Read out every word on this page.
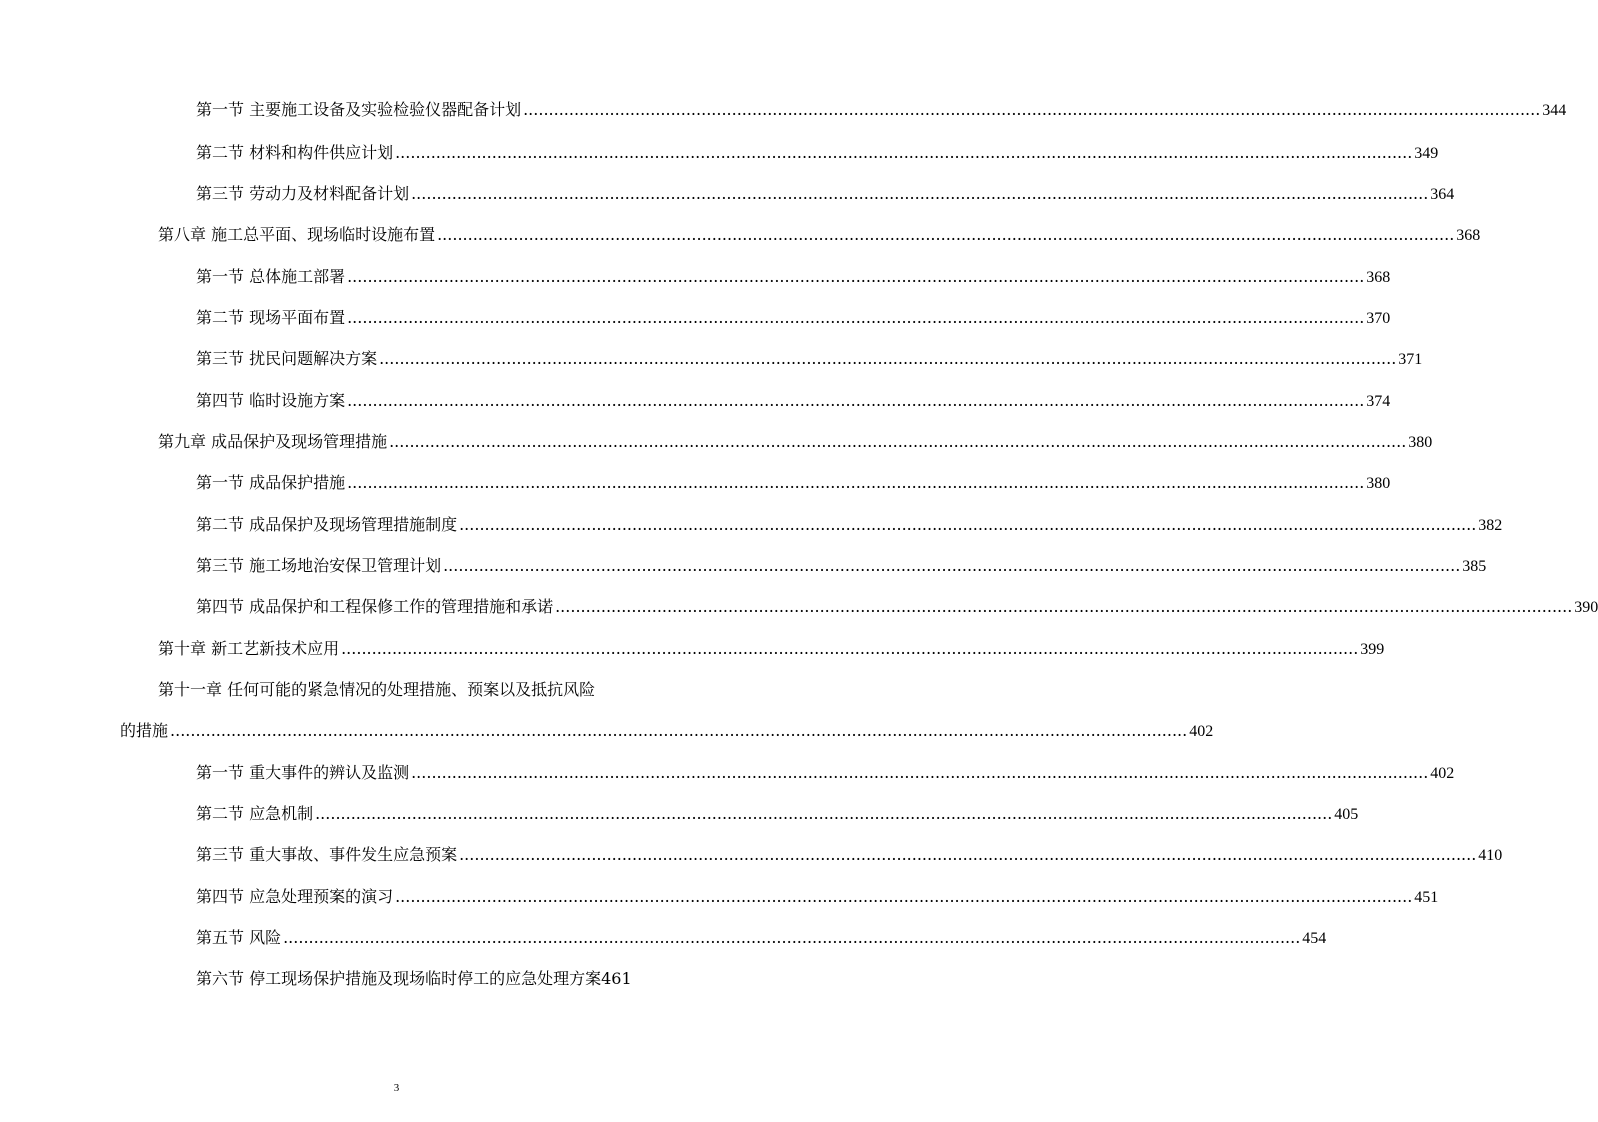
第一节 主要施工设备及实验检验仪器配备计划 ........................................................................................................................................................................................................ 344
第二节 材料和构件供应计划 ........................................................................................................................................................................................................ 349
第三节 劳动力及材料配备计划 ........................................................................................................................................................................................................ 364
第八章 施工总平面、现场临时设施布置 ........................................................................................................................................................................................................ 368
第一节 总体施工部署 ........................................................................................................................................................................................................ 368
第二节 现场平面布置 ........................................................................................................................................................................................................ 370
第三节 扰民问题解决方案 ........................................................................................................................................................................................................ 371
第四节 临时设施方案 ........................................................................................................................................................................................................ 374
第九章 成品保护及现场管理措施 ........................................................................................................................................................................................................ 380
第一节 成品保护措施 ........................................................................................................................................................................................................ 380
第二节 成品保护及现场管理措施制度 ........................................................................................................................................................................................................ 382
第三节 施工场地治安保卫管理计划 ........................................................................................................................................................................................................ 385
第四节 成品保护和工程保修工作的管理措施和承诺 ........................................................................................................................................................................................................ 390
第十章 新工艺新技术应用 ........................................................................................................................................................................................................ 399
第十一章 任何可能的紧急情况的处理措施、预案以及抵抗风险
的措施 ........................................................................................................................................................................................................ 402
第一节 重大事件的辨认及监测 ........................................................................................................................................................................................................ 402
第二节 应急机制 ........................................................................................................................................................................................................ 405
第三节 重大事故、事件发生应急预案 ........................................................................................................................................................................................................ 410
第四节 应急处理预案的演习 ........................................................................................................................................................................................................ 451
第五节 风险 ........................................................................................................................................................................................................ 454
第六节 停工现场保护措施及现场临时停工的应急处理方案461
3
